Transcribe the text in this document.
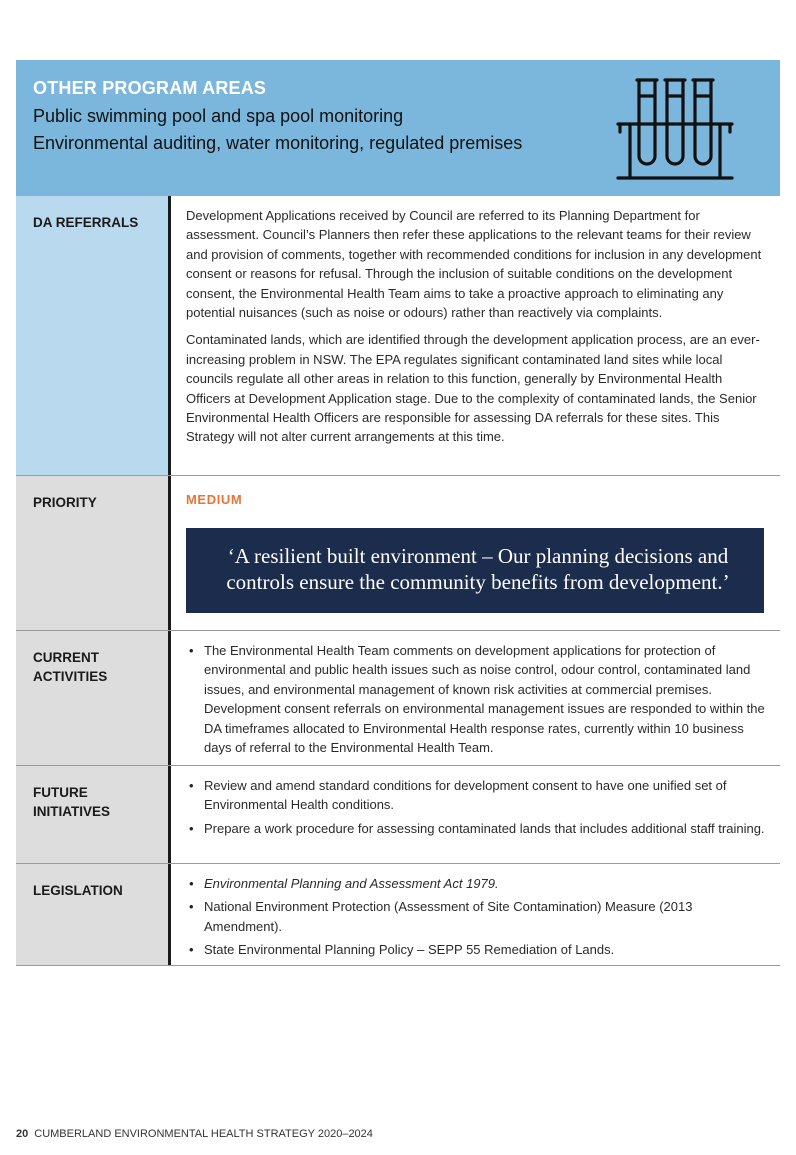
OTHER PROGRAM AREAS
Public swimming pool and spa pool monitoring
Environmental auditing, water monitoring, regulated premises
DA REFERRALS	Development Applications received by Council are referred to its Planning Department for assessment. Council’s Planners then refer these applications to the relevant teams for their review and provision of comments, together with recommended conditions for inclusion in any development consent or reasons for refusal. Through the inclusion of suitable conditions on the development consent, the Environmental Health Team aims to take a proactive approach to eliminating any potential nuisances (such as noise or odours) rather than reactively via complaints.

Contaminated lands, which are identified through the development application process, are an ever-increasing problem in NSW. The EPA regulates significant contaminated land sites while local councils regulate all other areas in relation to this function, generally by Environmental Health Officers at Development Application stage. Due to the complexity of contaminated lands, the Senior Environmental Health Officers are responsible for assessing DA referrals for these sites. This Strategy will not alter current arrangements at this time.

PRIORITY	MEDIUM
‘A resilient built environment – Our planning decisions and controls ensure the community benefits from development.’
CURRENT ACTIVITIES
• The Environmental Health Team comments on development applications for protection of environmental and public health issues such as noise control, odour control, contaminated land issues, and environmental management of known risk activities at commercial premises. Development consent referrals on environmental management issues are responded to within the DA timeframes allocated to Environmental Health response rates, currently within 10 business days of referral to the Environmental Health Team.
FUTURE INITIATIVES
• Review and amend standard conditions for development consent to have one unified set of Environmental Health conditions.
• Prepare a work procedure for assessing contaminated lands that includes additional staff training.
LEGISLATION
•	Environmental Planning and Assessment Act 1979.
• National Environment Protection (Assessment of Site Contamination) Measure (2013 Amendment).
• State Environmental Planning Policy – SEPP 55 Remediation of Lands.
20 CUMBERLAND ENVIRONMENTAL HEALTH STRATEGY 2020–2024
